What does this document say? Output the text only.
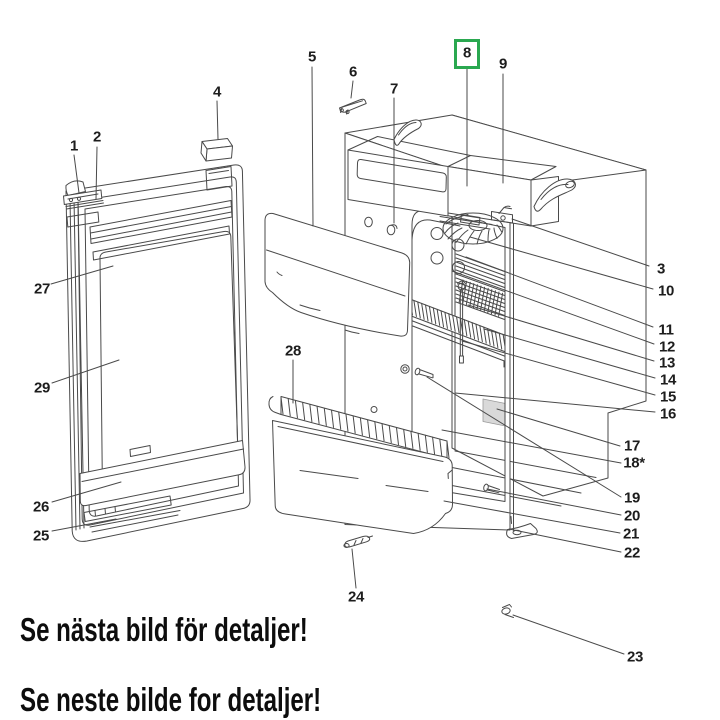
1
2
3
4
5
6
7
8
9
10
11
12
13
14
15
16
17
18*
19
20
21
22
23
24
25
26
27
28
29
Se nästa bild för detaljer!
Se neste bilde for detaljer!
